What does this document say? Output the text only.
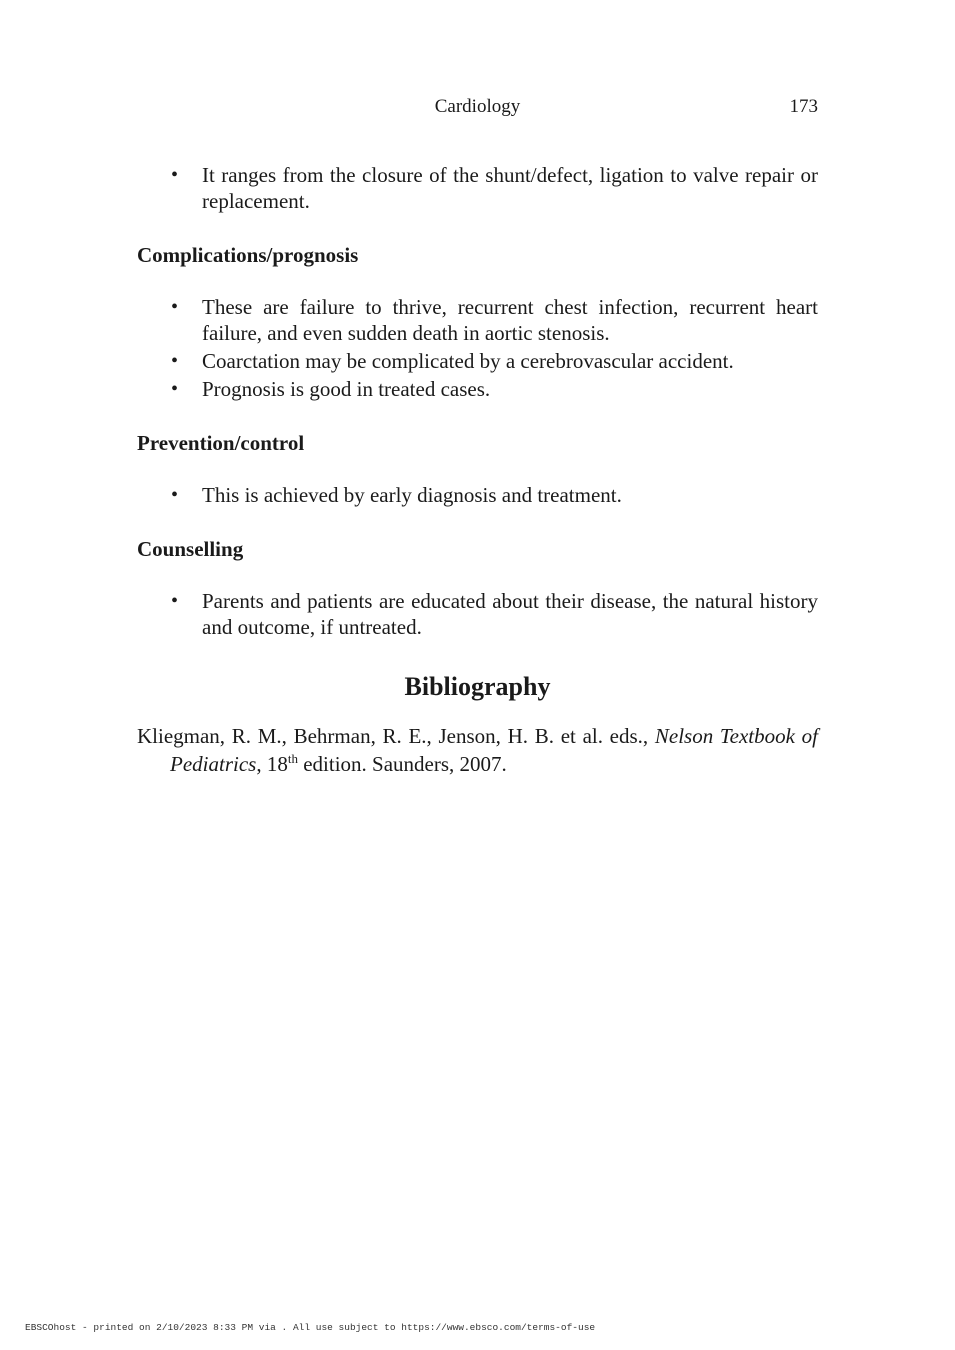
Cardiology	173
• It ranges from the closure of the shunt/defect, ligation to valve repair or replacement.
Complications/prognosis
• These are failure to thrive, recurrent chest infection, recurrent heart failure, and even sudden death in aortic stenosis.
• Coarctation may be complicated by a cerebrovascular accident.
• Prognosis is good in treated cases.
Prevention/control
• This is achieved by early diagnosis and treatment.
Counselling
• Parents and patients are educated about their disease, the natural history and outcome, if untreated.
Bibliography
Kliegman, R. M., Behrman, R. E., Jenson, H. B. et al. eds., Nelson Textbook of Pediatrics, 18th edition. Saunders, 2007.
EBSCOhost - printed on 2/10/2023 8:33 PM via . All use subject to https://www.ebsco.com/terms-of-use
